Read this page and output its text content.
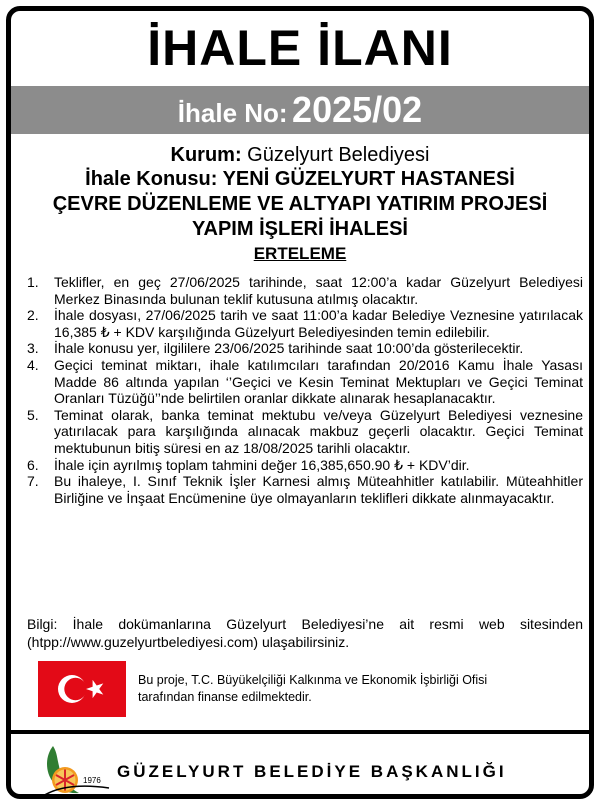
İHALE İLANI
İhale No: 2025/02
Kurum: Güzelyurt Belediyesi
İhale Konusu: YENİ GÜZELYURT HASTANESİ
ÇEVRE DÜZENLEME VE ALTYAPI YATIRIM PROJESİ
YAPIM İŞLERİ İHALESİ
ERTELEME
1. Teklifler, en geç 27/06/2025 tarihinde, saat 12:00’a kadar Güzelyurt Belediyesi Merkez Binasında bulunan teklif kutusuna atılmış olacaktır.
2. İhale dosyası, 27/06/2025 tarih ve saat 11:00’a kadar Belediye Veznesine yatırılacak 16,385 ₺ + KDV karşılığında Güzelyurt Belediyesinden temin edilebilir.
3. İhale konusu yer, ilgililere 23/06/2025 tarihinde saat 10:00’da gösterilecektir.
4. Geçici teminat miktarı, ihale katılımcıları tarafından 20/2016 Kamu İhale Yasası Madde 86 altında yapılan ‘’Geçici ve Kesin Teminat Mektupları ve Geçici Teminat Oranları Tüzüğü’’nde belirtilen oranlar dikkate alınarak hesaplanacaktır.
5. Teminat olarak, banka teminat mektubu ve/veya Güzelyurt Belediyesi veznesine yatırılacak para karşılığında alınacak makbuz geçerli olacaktır. Geçici Teminat mektubunun bitiş süresi en az 18/08/2025 tarihli olacaktır.
6. İhale için ayrılmış toplam tahmini değer 16,385,650.90 ₺ + KDV’dir.
7. Bu ihaleye, I. Sınıf Teknik İşler Karnesi almış Müteahhitler katılabilir. Müteahhitler Birliğine ve İnşaat Encümenine üye olmayanların teklifleri dikkate alınmayacaktır.
Bilgi: İhale dokümanlarına Güzelyurt Belediyesi’ne ait resmi web sitesinden (htpp://www.guzelyurtbelediyesi.com) ulaşabilirsiniz.
Bu proje, T.C. Büyükelçiliği Kalkınma ve Ekonomik İşbirliği Ofisi
tarafından finanse edilmektedir.
1976 GÜZELYURT BELEDİYE BAŞKANLIĞI
